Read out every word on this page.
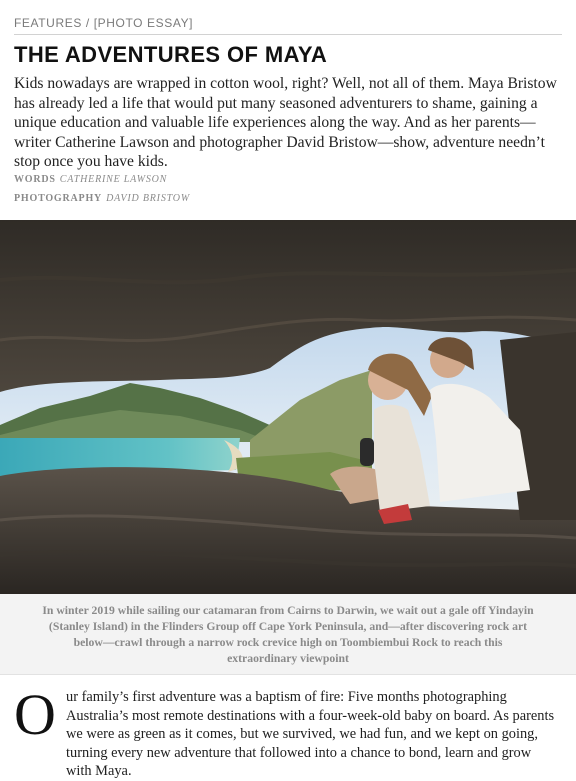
FEATURES / [PHOTO ESSAY]
THE ADVENTURES OF MAYA

Kids nowadays are wrapped in cotton wool, right? Well, not all of them. Maya Bristow has already led a life that would put many seasoned adventurers to shame, gaining a unique education and valuable life experiences along the way. And as her parents—writer Catherine Lawson and photographer David Bristow—show, adventure needn’t stop once you have kids.

WORDS CATHERINE LAWSON
PHOTOGRAPHY DAVID BRISTOW

In winter 2019 while sailing our catamaran from Cairns to Darwin, we wait out a gale off Yindayin (Stanley Island) in the Flinders Group off Cape York Peninsula, and—after discovering rock art below—crawl through a narrow rock crevice high on Toombiembui Rock to reach this extraordinary viewpoint

O ur family’s first adventure was a baptism of fire: Five months photographing Australia’s most remote destinations with a four-week-old baby on board. As parents we were as green as it comes, but we survived, we had fun, and we kept on going, turning every new adventure that followed into a chance to bond, learn and grow with Maya.
